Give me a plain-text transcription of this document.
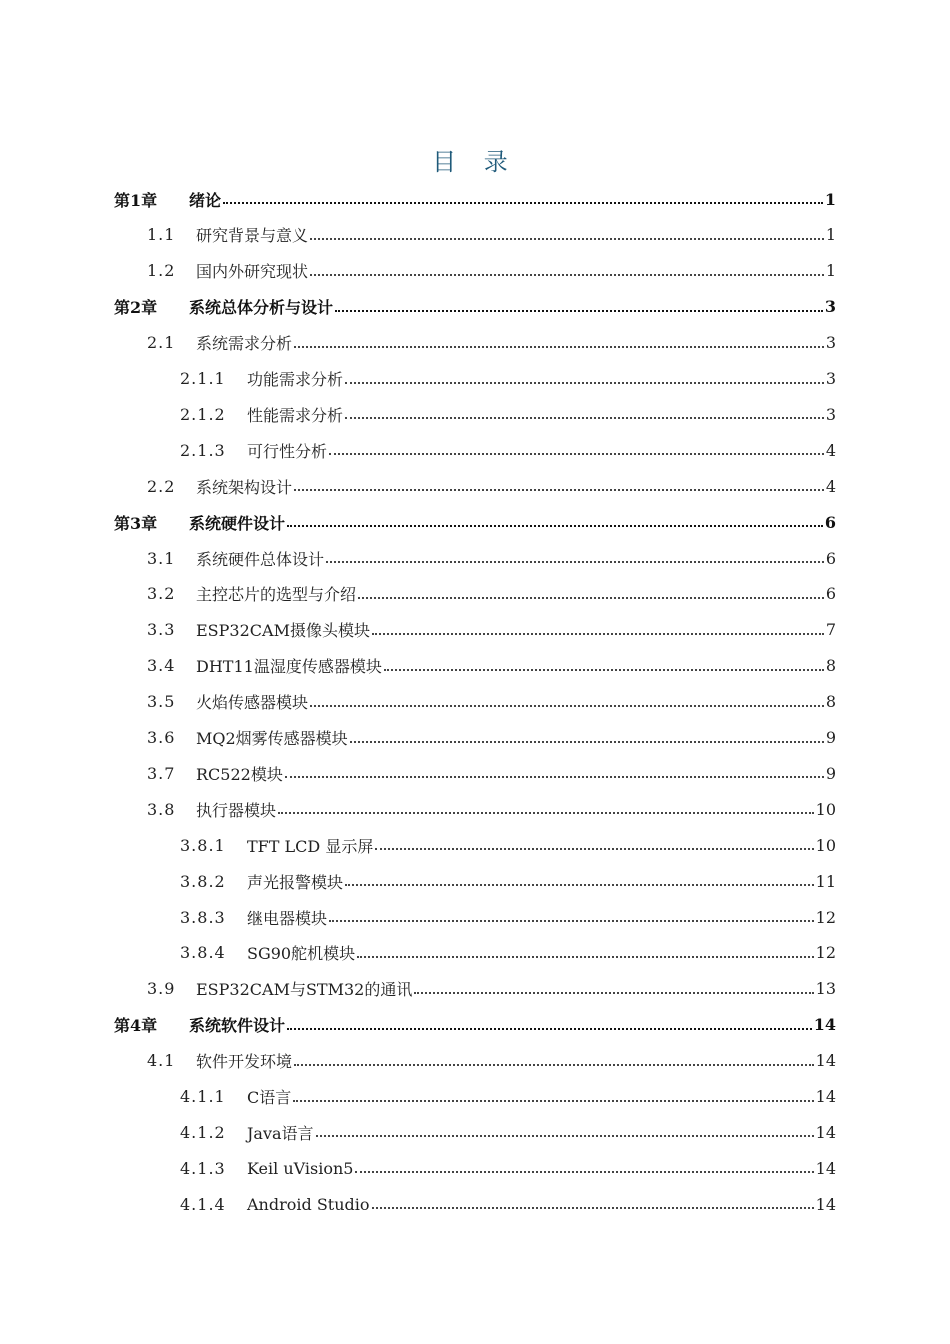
目 录
第1章	绪论	1
1.1	研究背景与意义	1
1.2	国内外研究现状	1
第2章	系统总体分析与设计	3
2.1	系统需求分析	3
2.1.1	功能需求分析	3
2.1.2	性能需求分析	3
2.1.3	可行性分析	4
2.2	系统架构设计	4
第3章	系统硬件设计	6
3.1	系统硬件总体设计	6
3.2	主控芯片的选型与介绍	6
3.3	ESP32CAM摄像头模块	7
3.4	DHT11温湿度传感器模块	8
3.5	火焰传感器模块	8
3.6	MQ2烟雾传感器模块	9
3.7	RC522模块	9
3.8	执行器模块	10
3.8.1	TFT LCD 显示屏	10
3.8.2	声光报警模块	11
3.8.3	继电器模块	12
3.8.4	SG90舵机模块	12
3.9	ESP32CAM与STM32的通讯	13
第4章	系统软件设计	14
4.1	软件开发环境	14
4.1.1	C语言	14
4.1.2	Java语言	14
4.1.3	Keil uVision5	14
4.1.4	Android Studio	14
